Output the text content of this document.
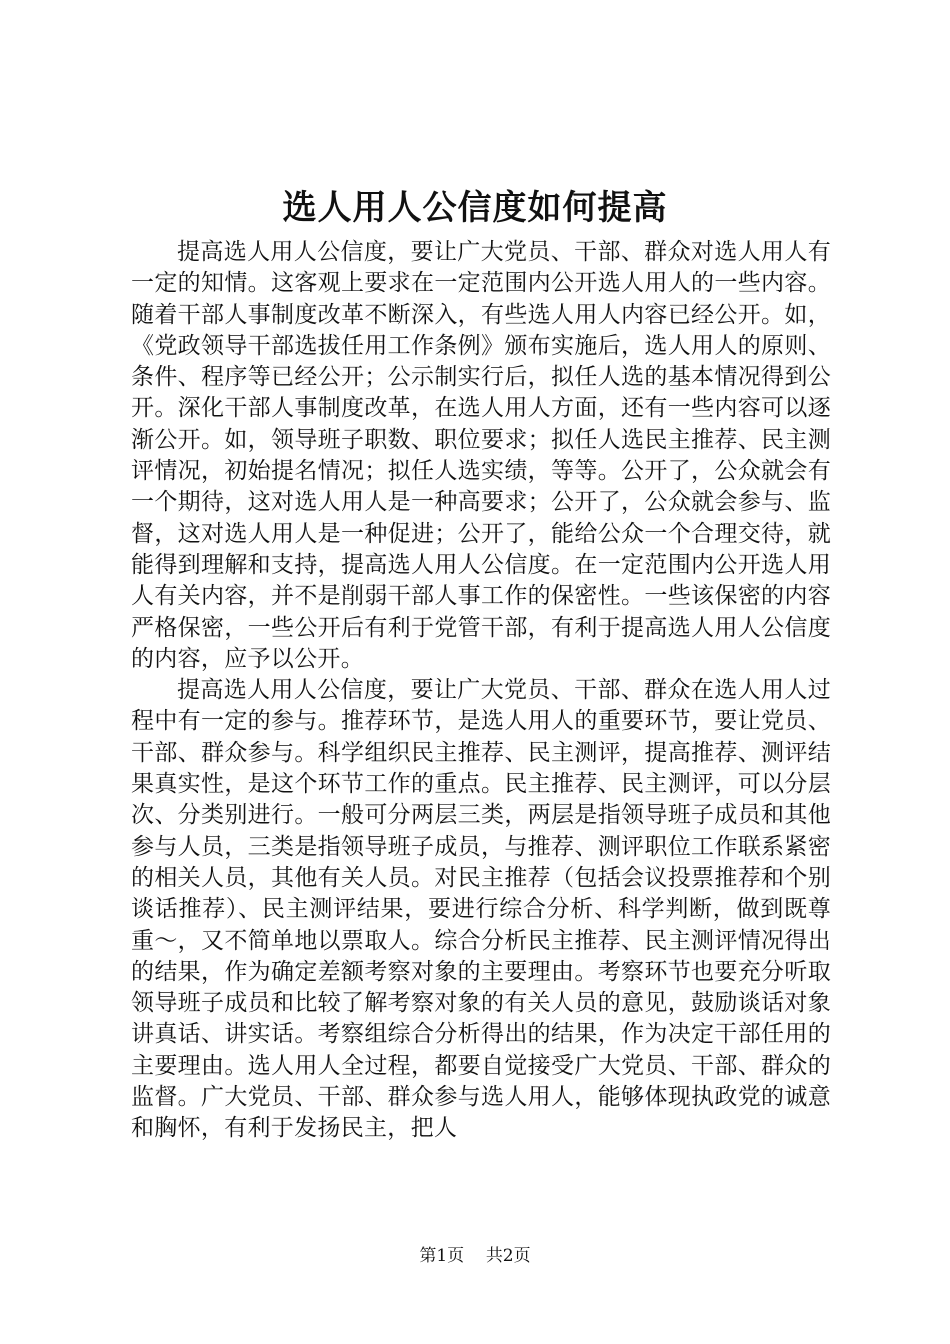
选人用人公信度如何提高

提高选人用人公信度，要让广大党员、干部、群众对选人用人有一定的知情。这客观上要求在一定范围内公开选人用人的一些内容。随着干部人事制度改革不断深入，有些选人用人内容已经公开。如，《党政领导干部选拔任用工作条例》颁布实施后，选人用人的原则、条件、程序等已经公开；公示制实行后，拟任人选的基本情况得到公开。深化干部人事制度改革，在选人用人方面，还有一些内容可以逐渐公开。如，领导班子职数、职位要求；拟任人选民主推荐、民主测评情况，初始提名情况；拟任人选实绩，等等。公开了，公众就会有一个期待，这对选人用人是一种高要求；公开了，公众就会参与、监督，这对选人用人是一种促进；公开了，能给公众一个合理交待，就能得到理解和支持，提高选人用人公信度。在一定范围内公开选人用人有关内容，并不是削弱干部人事工作的保密性。一些该保密的内容严格保密，一些公开后有利于党管干部，有利于提高选人用人公信度的内容，应予以公开。

提高选人用人公信度，要让广大党员、干部、群众在选人用人过程中有一定的参与。推荐环节，是选人用人的重要环节，要让党员、干部、群众参与。科学组织民主推荐、民主测评，提高推荐、测评结果真实性，是这个环节工作的重点。民主推荐、民主测评，可以分层次、分类别进行。一般可分两层三类，两层是指领导班子成员和其他参与人员，三类是指领导班子成员，与推荐、测评职位工作联系紧密的相关人员，其他有关人员。对民主推荐（包括会议投票推荐和个别谈话推荐）、民主测评结果，要进行综合分析、科学判断，做到既尊重～，又不简单地以票取人。综合分析民主推荐、民主测评情况得出的结果，作为确定差额考察对象的主要理由。考察环节也要充分听取领导班子成员和比较了解考察对象的有关人员的意见，鼓励谈话对象讲真话、讲实话。考察组综合分析得出的结果，作为决定干部任用的主要理由。选人用人全过程，都要自觉接受广大党员、干部、群众的监督。广大党员、干部、群众参与选人用人，能够体现执政党的诚意和胸怀，有利于发扬民主，把人

第1页 共2页
